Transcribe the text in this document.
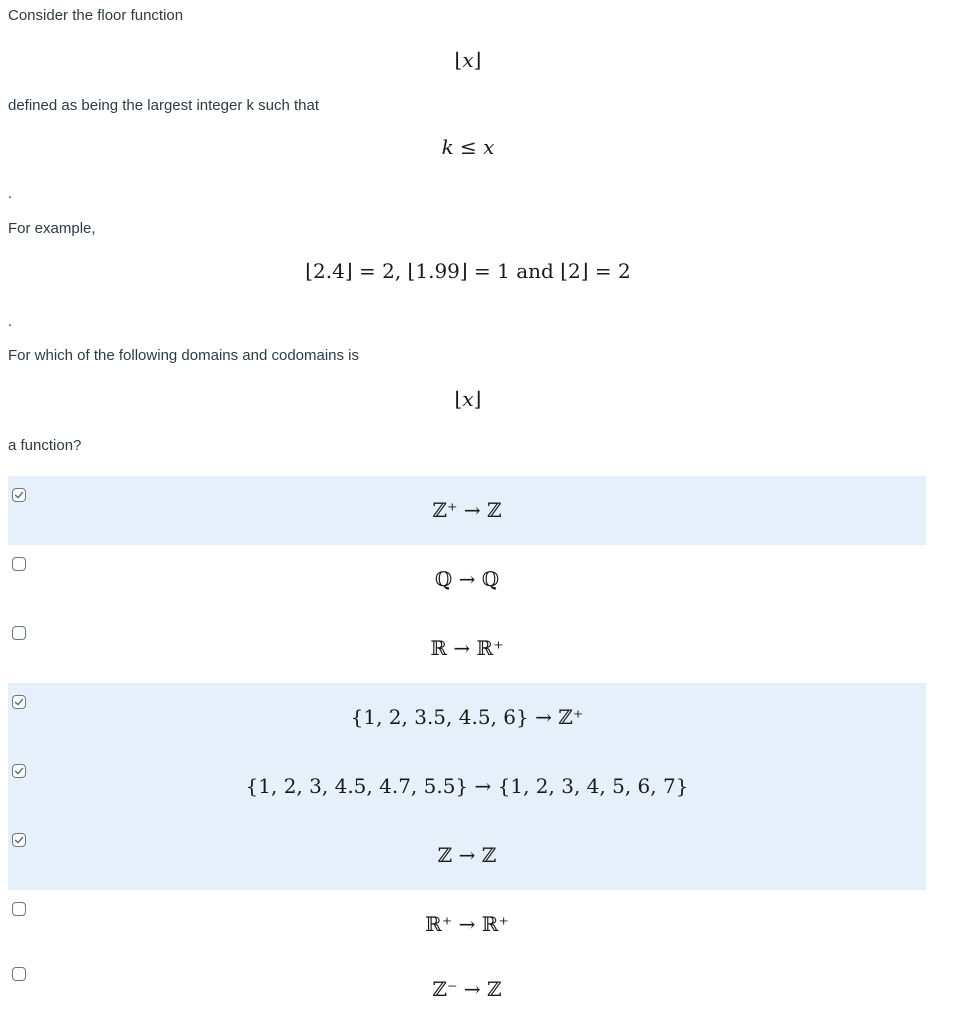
Consider the floor function
⌊𝑥⌋
defined as being the largest integer k such that
𝑘 ≤ 𝑥
.
For example,
⌊2.4⌋ = 2, ⌊1.99⌋ = 1 and ⌊2⌋ = 2
.
For which of the following domains and codomains is
⌊𝑥⌋
a function?
ℤ⁺ → ℤ
ℚ → ℚ
ℝ → ℝ⁺
{1, 2, 3.5, 4.5, 6} → ℤ⁺
{1, 2, 3, 4.5, 4.7, 5.5} → {1, 2, 3, 4, 5, 6, 7}
ℤ → ℤ
ℝ⁺ → ℝ⁺
ℤ⁻ → ℤ
